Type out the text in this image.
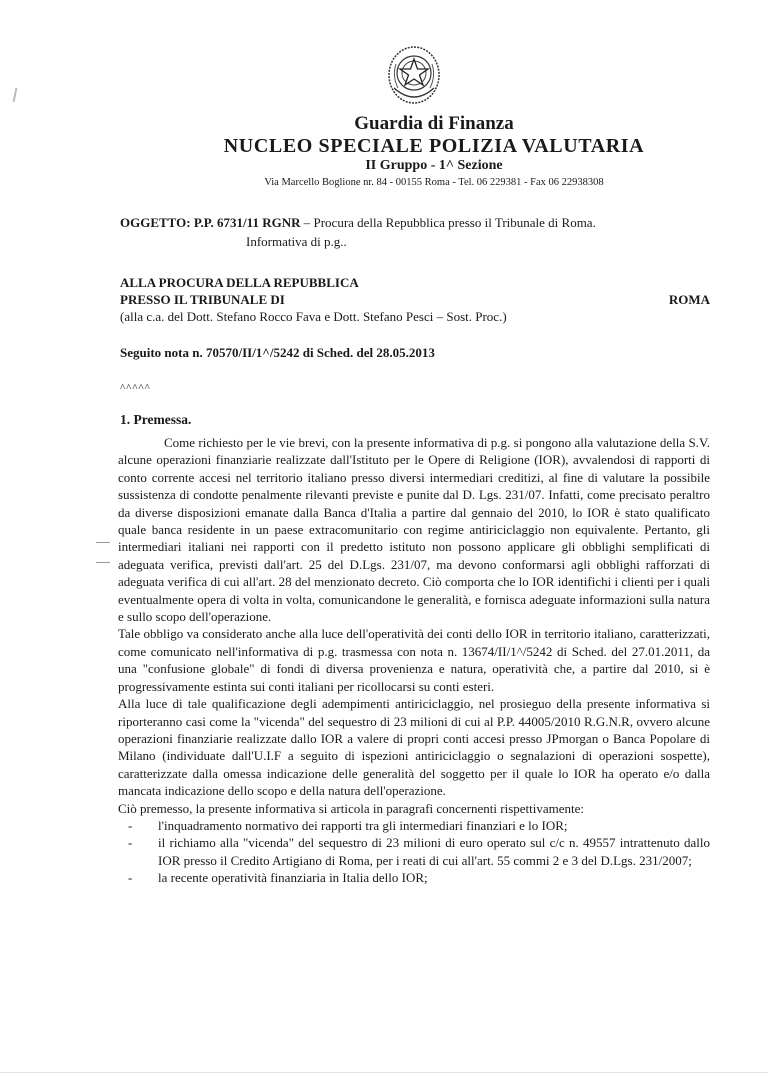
Guardia di Finanza

NUCLEO SPECIALE POLIZIA VALUTARIA

II Gruppo - 1^ Sezione

Via Marcello Boglione nr. 84 - 00155 Roma - Tel. 06 229381 - Fax 06 22938308

OGGETTO: P.P. 6731/11 RGNR – Procura della Repubblica presso il Tribunale di Roma.
Informativa di p.g..
ALLA PROCURA DELLA REPUBBLICA
PRESSO IL TRIBUNALE DI	ROMA
(alla c.a. del Dott. Stefano Rocco Fava e Dott. Stefano Pesci – Sost. Proc.)

Seguito nota n. 70570/II/1^/5242 di Sched. del 28.05.2013

^^^^^

1. Premessa.

Come richiesto per le vie brevi, con la presente informativa di p.g. si pongono alla valutazione della S.V. alcune operazioni finanziarie realizzate dall'Istituto per le Opere di Religione (IOR), avvalendosi di rapporti di conto corrente accesi nel territorio italiano presso diversi intermediari creditizi, al fine di valutare la possibile sussistenza di condotte penalmente rilevanti previste e punite dal D. Lgs. 231/07. Infatti, come precisato peraltro da diverse disposizioni emanate dalla Banca d'Italia a partire dal gennaio del 2010, lo IOR è stato qualificato quale banca residente in un paese extracomunitario con regime antiriciclaggio non equivalente. Pertanto, gli intermediari italiani nei rapporti con il predetto istituto non possono applicare gli obblighi semplificati di adeguata verifica, previsti dall'art. 25 del D.Lgs. 231/07, ma devono conformarsi agli obblighi rafforzati di adeguata verifica di cui all'art. 28 del menzionato decreto. Ciò comporta che lo IOR identifichi i clienti per i quali eventualmente opera di volta in volta, comunicandone le generalità, e fornisca adeguate informazioni sulla natura e sullo scopo dell'operazione.

Tale obbligo va considerato anche alla luce dell'operatività dei conti dello IOR in territorio italiano, caratterizzati, come comunicato nell'informativa di p.g. trasmessa con nota n. 13674/II/1^/5242 di Sched. del 27.01.2011, da una "confusione globale" di fondi di diversa provenienza e natura, operatività che, a partire dal 2010, si è progressivamente estinta sui conti italiani per ricollocarsi su conti esteri.

Alla luce di tale qualificazione degli adempimenti antiriciclaggio, nel prosieguo della presente informativa si riporteranno casi come la "vicenda" del sequestro di 23 milioni di cui al P.P. 44005/2010 R.G.N.R, ovvero alcune operazioni finanziarie realizzate dallo IOR a valere di propri conti accesi presso JPmorgan o Banca Popolare di Milano (individuate dall'U.I.F a seguito di ispezioni antiriciclaggio o segnalazioni di operazioni sospette), caratterizzate dalla omessa indicazione delle generalità del soggetto per il quale lo IOR ha operato e/o dalla mancata indicazione dello scopo e della natura dell'operazione.

Ciò premesso, la presente informativa si articola in paragrafi concernenti rispettivamente:

- l'inquadramento normativo dei rapporti tra gli intermediari finanziari e lo IOR;
- il richiamo alla "vicenda" del sequestro di 23 milioni di euro operato sul c/c n. 49557 intrattenuto dallo IOR presso il Credito Artigiano di Roma, per i reati di cui all'art. 55 commi 2 e 3 del D.Lgs. 231/2007;
- la recente operatività finanziaria in Italia dello IOR;
